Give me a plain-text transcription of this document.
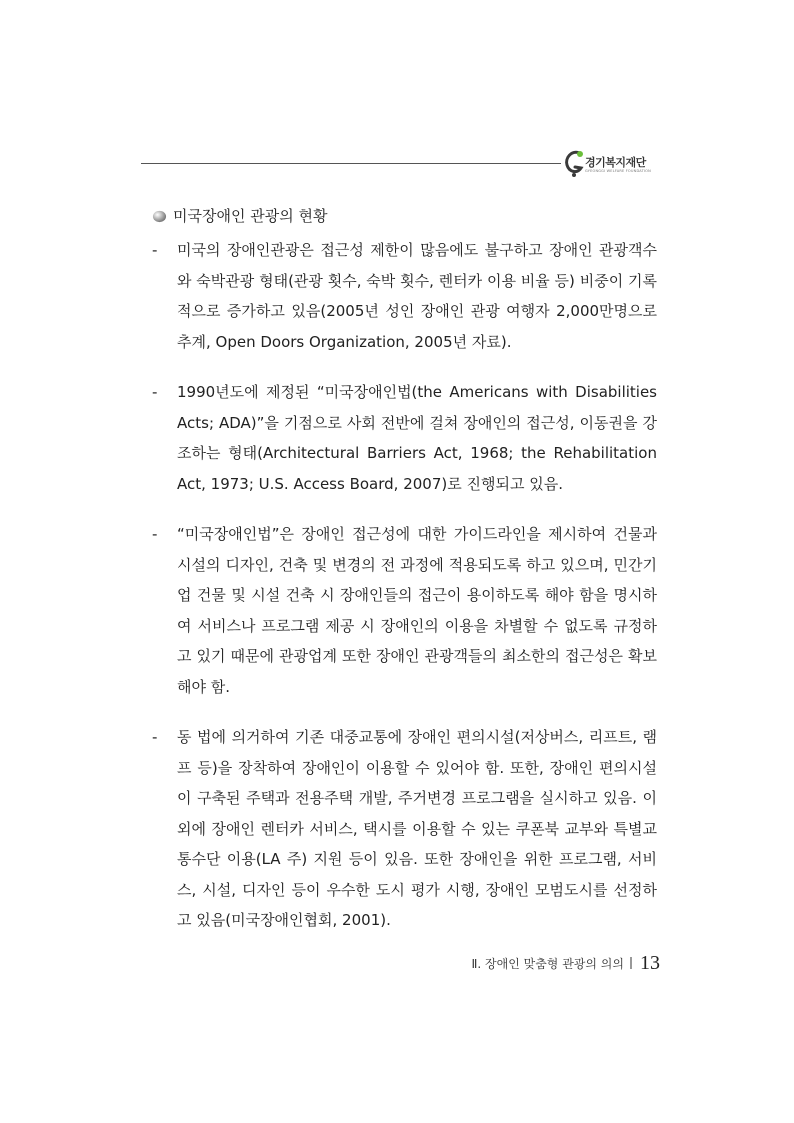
경기복지재단
GYEONGGI WELFARE FOUNDATION
미국장애인 관광의 현황
-	미국의 장애인관광은 접근성 제한이 많음에도 불구하고 장애인 관광객수와 숙박관광 형태(관광 횟수, 숙박 횟수, 렌터카 이용 비율 등) 비중이 기록적으로 증가하고 있음(2005년 성인 장애인 관광 여행자 2,000만명으로 추계, Open Doors Organization, 2005년 자료).

-	1990년도에 제정된 “미국장애인법(the Americans with Disabilities Acts; ADA)”을 기점으로 사회 전반에 걸쳐 장애인의 접근성, 이동권을 강조하는 형태(Architectural Barriers Act, 1968; the Rehabilitation Act, 1973; U.S. Access Board, 2007)로 진행되고 있음.

-	“미국장애인법”은 장애인 접근성에 대한 가이드라인을 제시하여 건물과 시설의 디자인, 건축 및 변경의 전 과정에 적용되도록 하고 있으며, 민간기업 건물 및 시설 건축 시 장애인들의 접근이 용이하도록 해야 함을 명시하여 서비스나 프로그램 제공 시 장애인의 이용을 차별할 수 없도록 규정하고 있기 때문에 관광업계 또한 장애인 관광객들의 최소한의 접근성은 확보해야 함.

-	동 법에 의거하여 기존 대중교통에 장애인 편의시설(저상버스, 리프트, 램프 등)을 장착하여 장애인이 이용할 수 있어야 함. 또한, 장애인 편의시설이 구축된 주택과 전용주택 개발, 주거변경 프로그램을 실시하고 있음. 이 외에 장애인 렌터카 서비스, 택시를 이용할 수 있는 쿠폰북 교부와 특별교통수단 이용(LA 주) 지원 등이 있음. 또한 장애인을 위한 프로그램, 서비스, 시설, 디자인 등이 우수한 도시 평가 시행, 장애인 모범도시를 선정하고 있음(미국장애인협회, 2001).

Ⅱ. 장애인 맞춤형 관광의 의의 13
